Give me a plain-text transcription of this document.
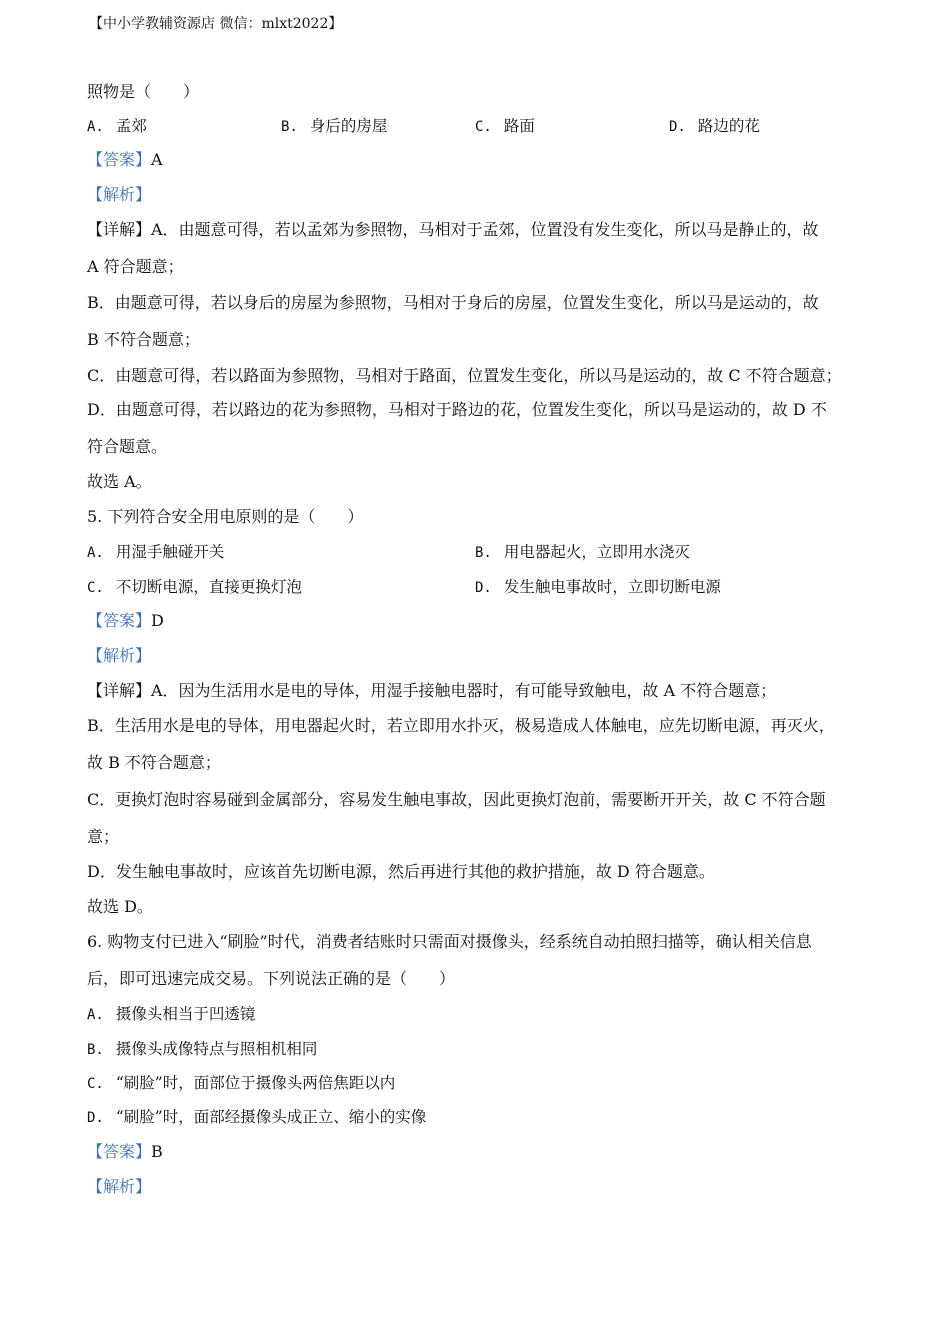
【中小学教辅资源店 微信：mlxt2022】
照物是（　　）
A. 孟郊	B. 身后的房屋	C. 路面	D. 路边的花
【答案】A
【解析】
【详解】A．由题意可得，若以孟郊为参照物，马相对于孟郊，位置没有发生变化，所以马是静止的，故
A 符合题意；
B．由题意可得，若以身后的房屋为参照物，马相对于身后的房屋，位置发生变化，所以马是运动的，故
B 不符合题意；
C．由题意可得，若以路面为参照物，马相对于路面，位置发生变化，所以马是运动的，故 C 不符合题意；
D．由题意可得，若以路边的花为参照物，马相对于路边的花，位置发生变化，所以马是运动的，故 D 不
符合题意。
故选 A。
5. 下列符合安全用电原则的是（　　）
A. 用湿手触碰开关	B. 用电器起火，立即用水浇灭
C. 不切断电源，直接更换灯泡	D. 发生触电事故时，立即切断电源
【答案】D
【解析】
【详解】A．因为生活用水是电的导体，用湿手接触电器时，有可能导致触电，故 A 不符合题意；
B．生活用水是电的导体，用电器起火时，若立即用水扑灭，极易造成人体触电，应先切断电源，再灭火，
故 B 不符合题意；
C．更换灯泡时容易碰到金属部分，容易发生触电事故，因此更换灯泡前，需要断开开关，故 C 不符合题
意；
D．发生触电事故时，应该首先切断电源，然后再进行其他的救护措施，故 D 符合题意。
故选 D。
6. 购物支付已进入“刷脸”时代，消费者结账时只需面对摄像头，经系统自动拍照扫描等，确认相关信息
后，即可迅速完成交易。下列说法正确的是（　　）
A. 摄像头相当于凹透镜
B. 摄像头成像特点与照相机相同
C. “刷脸”时，面部位于摄像头两倍焦距以内
D. “刷脸”时，面部经摄像头成正立、缩小的实像
【答案】B
【解析】
